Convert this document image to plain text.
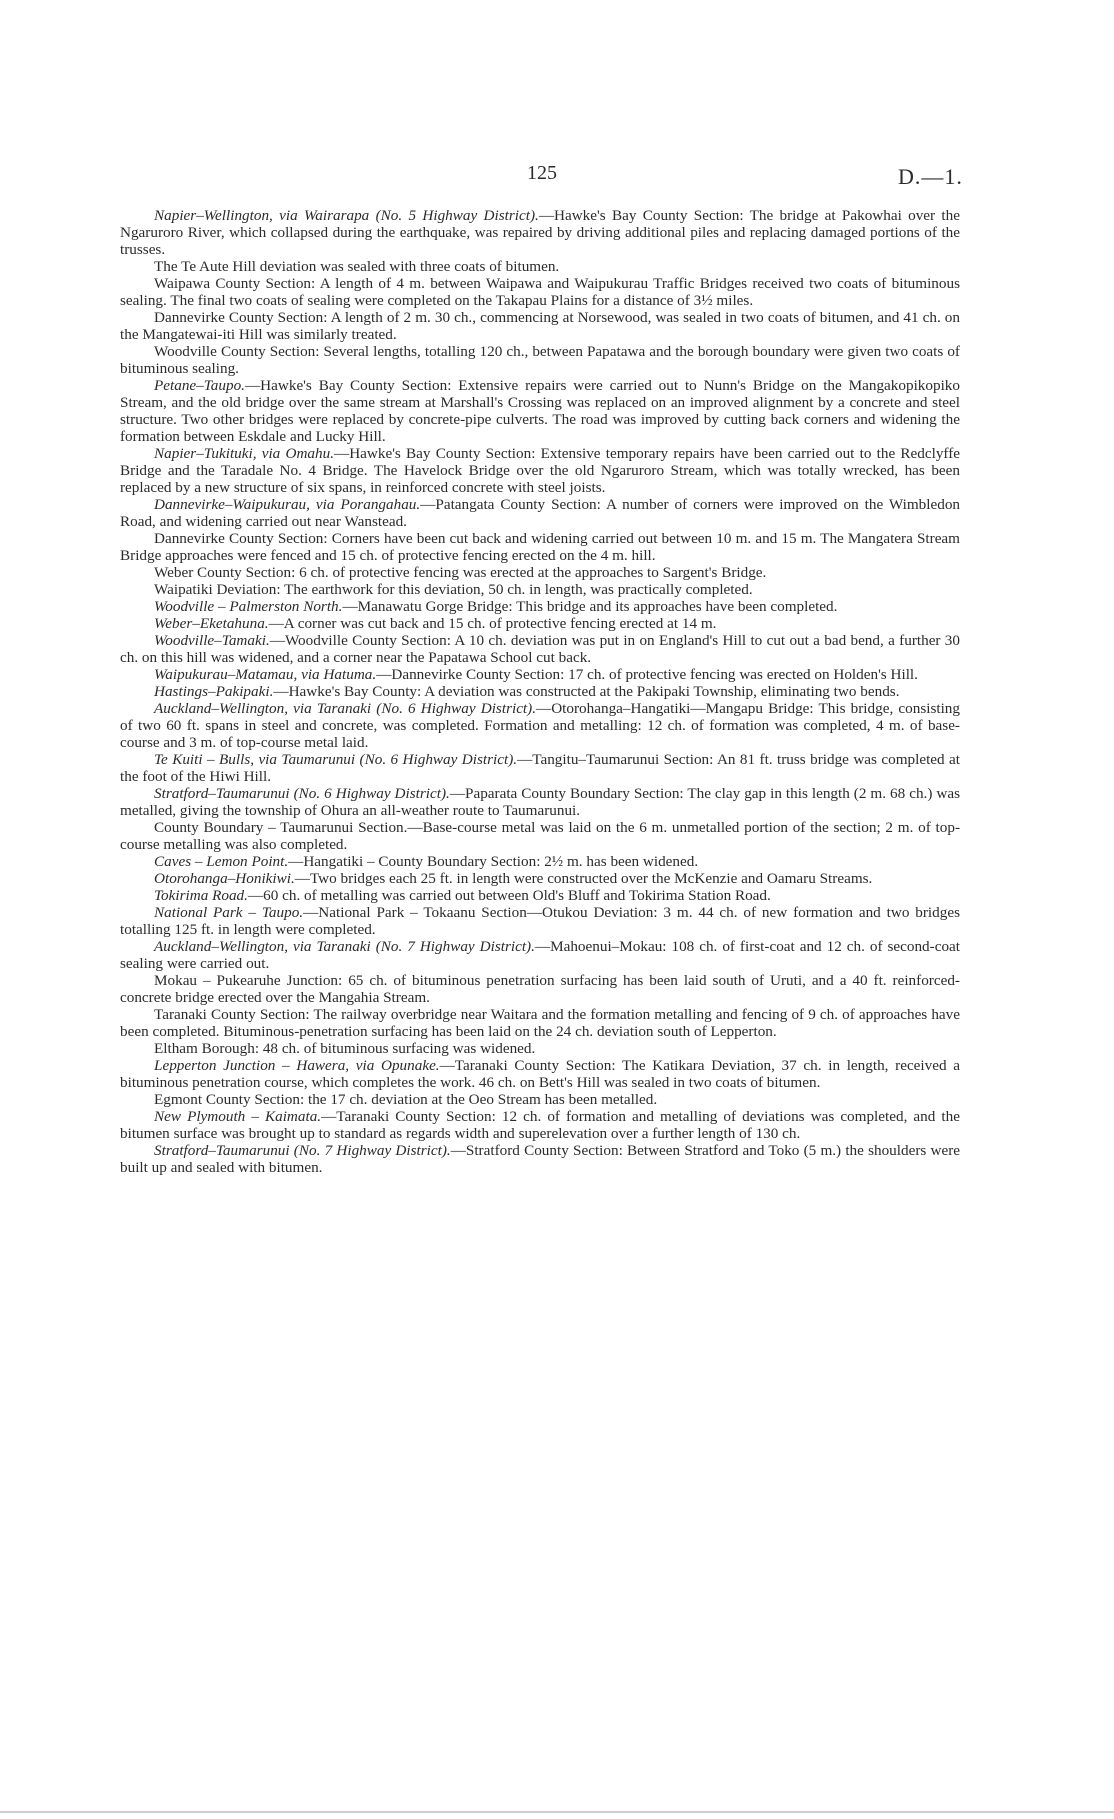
125	D.—1.

Napier–Wellington, via Wairarapa (No. 5 Highway District).—Hawke's Bay County Section: The bridge at Pakowhai over the Ngaruroro River, which collapsed during the earthquake, was repaired by driving additional piles and replacing damaged portions of the trusses.

The Te Aute Hill deviation was sealed with three coats of bitumen.

Waipawa County Section: A length of 4 m. between Waipawa and Waipukurau Traffic Bridges received two coats of bituminous sealing. The final two coats of sealing were completed on the Takapau Plains for a distance of 3½ miles.

Dannevirke County Section: A length of 2 m. 30 ch., commencing at Norsewood, was sealed in two coats of bitumen, and 41 ch. on the Mangatewai-iti Hill was similarly treated.

Woodville County Section: Several lengths, totalling 120 ch., between Papatawa and the borough boundary were given two coats of bituminous sealing.

Petane–Taupo.—Hawke's Bay County Section: Extensive repairs were carried out to Nunn's Bridge on the Mangakopikopiko Stream, and the old bridge over the same stream at Marshall's Crossing was replaced on an improved alignment by a concrete and steel structure. Two other bridges were replaced by concrete-pipe culverts. The road was improved by cutting back corners and widening the formation between Eskdale and Lucky Hill.

Napier–Tukituki, via Omahu.—Hawke's Bay County Section: Extensive temporary repairs have been carried out to the Redclyffe Bridge and the Taradale No. 4 Bridge. The Havelock Bridge over the old Ngaruroro Stream, which was totally wrecked, has been replaced by a new structure of six spans, in reinforced concrete with steel joists.

Dannevirke–Waipukurau, via Porangahau.—Patangata County Section: A number of corners were improved on the Wimbledon Road, and widening carried out near Wanstead.

Dannevirke County Section: Corners have been cut back and widening carried out between 10 m. and 15 m. The Mangatera Stream Bridge approaches were fenced and 15 ch. of protective fencing erected on the 4 m. hill.

Weber County Section: 6 ch. of protective fencing was erected at the approaches to Sargent's Bridge.

Waipatiki Deviation: The earthwork for this deviation, 50 ch. in length, was practically completed.

Woodville – Palmerston North.—Manawatu Gorge Bridge: This bridge and its approaches have been completed.

Weber–Eketahuna.—A corner was cut back and 15 ch. of protective fencing erected at 14 m.

Woodville–Tamaki.—Woodville County Section: A 10 ch. deviation was put in on England's Hill to cut out a bad bend, a further 30 ch. on this hill was widened, and a corner near the Papatawa School cut back.

Waipukurau–Matamau, via Hatuma.—Dannevirke County Section: 17 ch. of protective fencing was erected on Holden's Hill.

Hastings–Pakipaki.—Hawke's Bay County: A deviation was constructed at the Pakipaki Township, eliminating two bends.

Auckland–Wellington, via Taranaki (No. 6 Highway District).—Otorohanga–Hangatiki—Mangapu Bridge: This bridge, consisting of two 60 ft. spans in steel and concrete, was completed. Formation and metalling: 12 ch. of formation was completed, 4 m. of base-course and 3 m. of top-course metal laid.

Te Kuiti – Bulls, via Taumarunui (No. 6 Highway District).—Tangitu–Taumarunui Section: An 81 ft. truss bridge was completed at the foot of the Hiwi Hill.

Stratford–Taumarunui (No. 6 Highway District).—Paparata County Boundary Section: The clay gap in this length (2 m. 68 ch.) was metalled, giving the township of Ohura an all-weather route to Taumarunui.

County Boundary – Taumarunui Section.—Base-course metal was laid on the 6 m. unmetalled portion of the section; 2 m. of top-course metalling was also completed.

Caves – Lemon Point.—Hangatiki – County Boundary Section: 2½ m. has been widened.

Otorohanga–Honikiwi.—Two bridges each 25 ft. in length were constructed over the McKenzie and Oamaru Streams.

Tokirima Road.—60 ch. of metalling was carried out between Old's Bluff and Tokirima Station Road.

National Park – Taupo.—National Park – Tokaanu Section—Otukou Deviation: 3 m. 44 ch. of new formation and two bridges totalling 125 ft. in length were completed.

Auckland–Wellington, via Taranaki (No. 7 Highway District).—Mahoenui–Mokau: 108 ch. of first-coat and 12 ch. of second-coat sealing were carried out.

Mokau – Pukearuhe Junction: 65 ch. of bituminous penetration surfacing has been laid south of Uruti, and a 40 ft. reinforced-concrete bridge erected over the Mangahia Stream.

Taranaki County Section: The railway overbridge near Waitara and the formation metalling and fencing of 9 ch. of approaches have been completed. Bituminous-penetration surfacing has been laid on the 24 ch. deviation south of Lepperton.

Eltham Borough: 48 ch. of bituminous surfacing was widened.

Lepperton Junction – Hawera, via Opunake.—Taranaki County Section: The Katikara Deviation, 37 ch. in length, received a bituminous penetration course, which completes the work. 46 ch. on Bett's Hill was sealed in two coats of bitumen.

Egmont County Section: the 17 ch. deviation at the Oeo Stream has been metalled.

New Plymouth – Kaimata.—Taranaki County Section: 12 ch. of formation and metalling of deviations was completed, and the bitumen surface was brought up to standard as regards width and superelevation over a further length of 130 ch.

Stratford–Taumarunui (No. 7 Highway District).—Stratford County Section: Between Stratford and Toko (5 m.) the shoulders were built up and sealed with bitumen.
